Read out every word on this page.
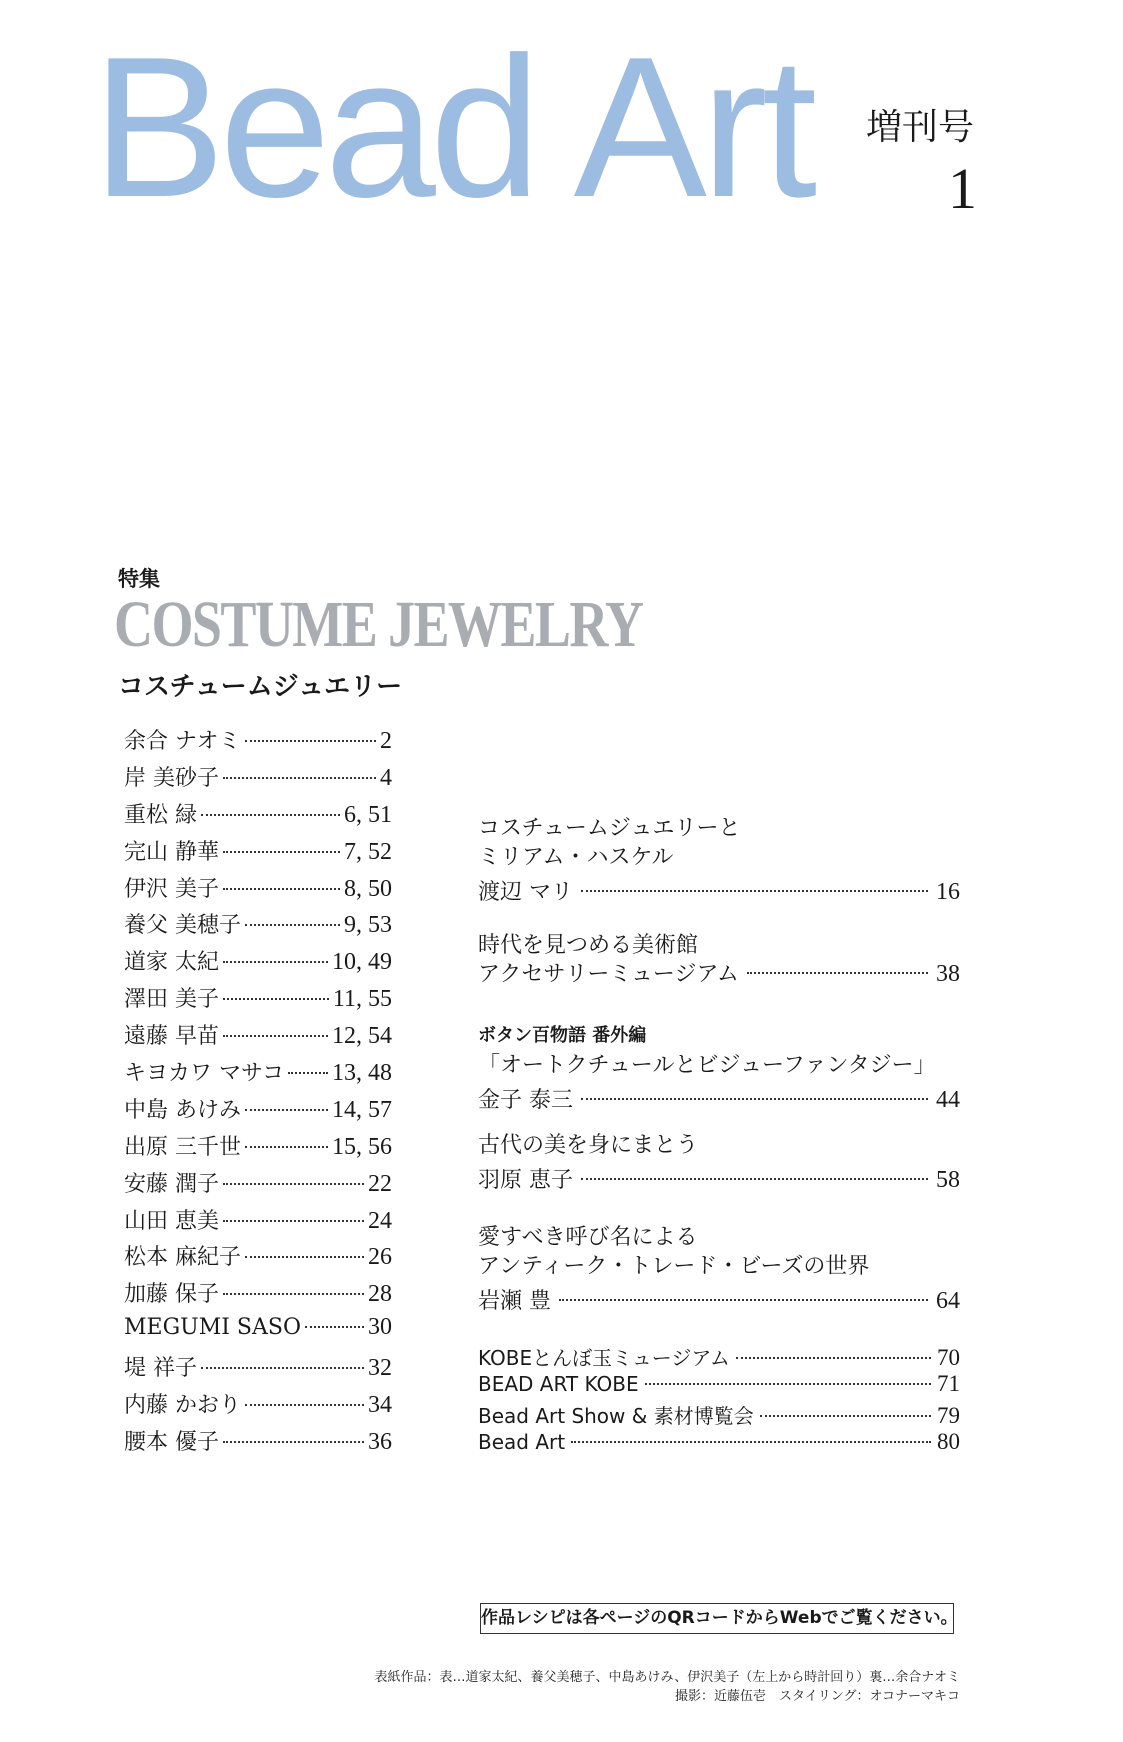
Bead Art 増刊号
1
特集
COSTUME JEWELRY
コスチュームジュエリー
余合 ナオミ	2
岸 美砂子	4
重松 緑	6, 51
完山 静華	7, 52
伊沢 美子	8, 50
養父 美穂子	9, 53
道家 太紀	10, 49
澤田 美子	11, 55
遠藤 早苗	12, 54
キヨカワ マサコ 13, 48
中島 あけみ	14, 57
出原 三千世	15, 56
安藤 潤子	22
山田 恵美	24
松本 麻紀子	26
加藤 保子	28
MEGUMI SASO	30
堤 祥子	32
内藤 かおり	34
腰本 優子	36
コスチュームジュエリーと
ミリアム・ハスケル
渡辺 マリ	16
時代を見つめる美術館
アクセサリーミュージアム	38
ボタン百物語 番外編
「オートクチュールとビジューファンタジー」
金子 泰三	44
古代の美を身にまとう
羽原 恵子	58
愛すべき呼び名による
アンティーク・トレード・ビーズの世界
岩瀬 豊	64
KOBEとんぼ玉ミュージアム	70
BEAD ART KOBE	71
Bead Art Show & 素材博覧会	79
Bead Art	80
作品レシピは各ページのQRコードからWebでご覧ください。
表紙作品：表…道家太紀、養父美穂子、中島あけみ、伊沢美子（左上から時計回り）裏…余合ナオミ
撮影：近藤伍壱　スタイリング：オコナーマキコ
